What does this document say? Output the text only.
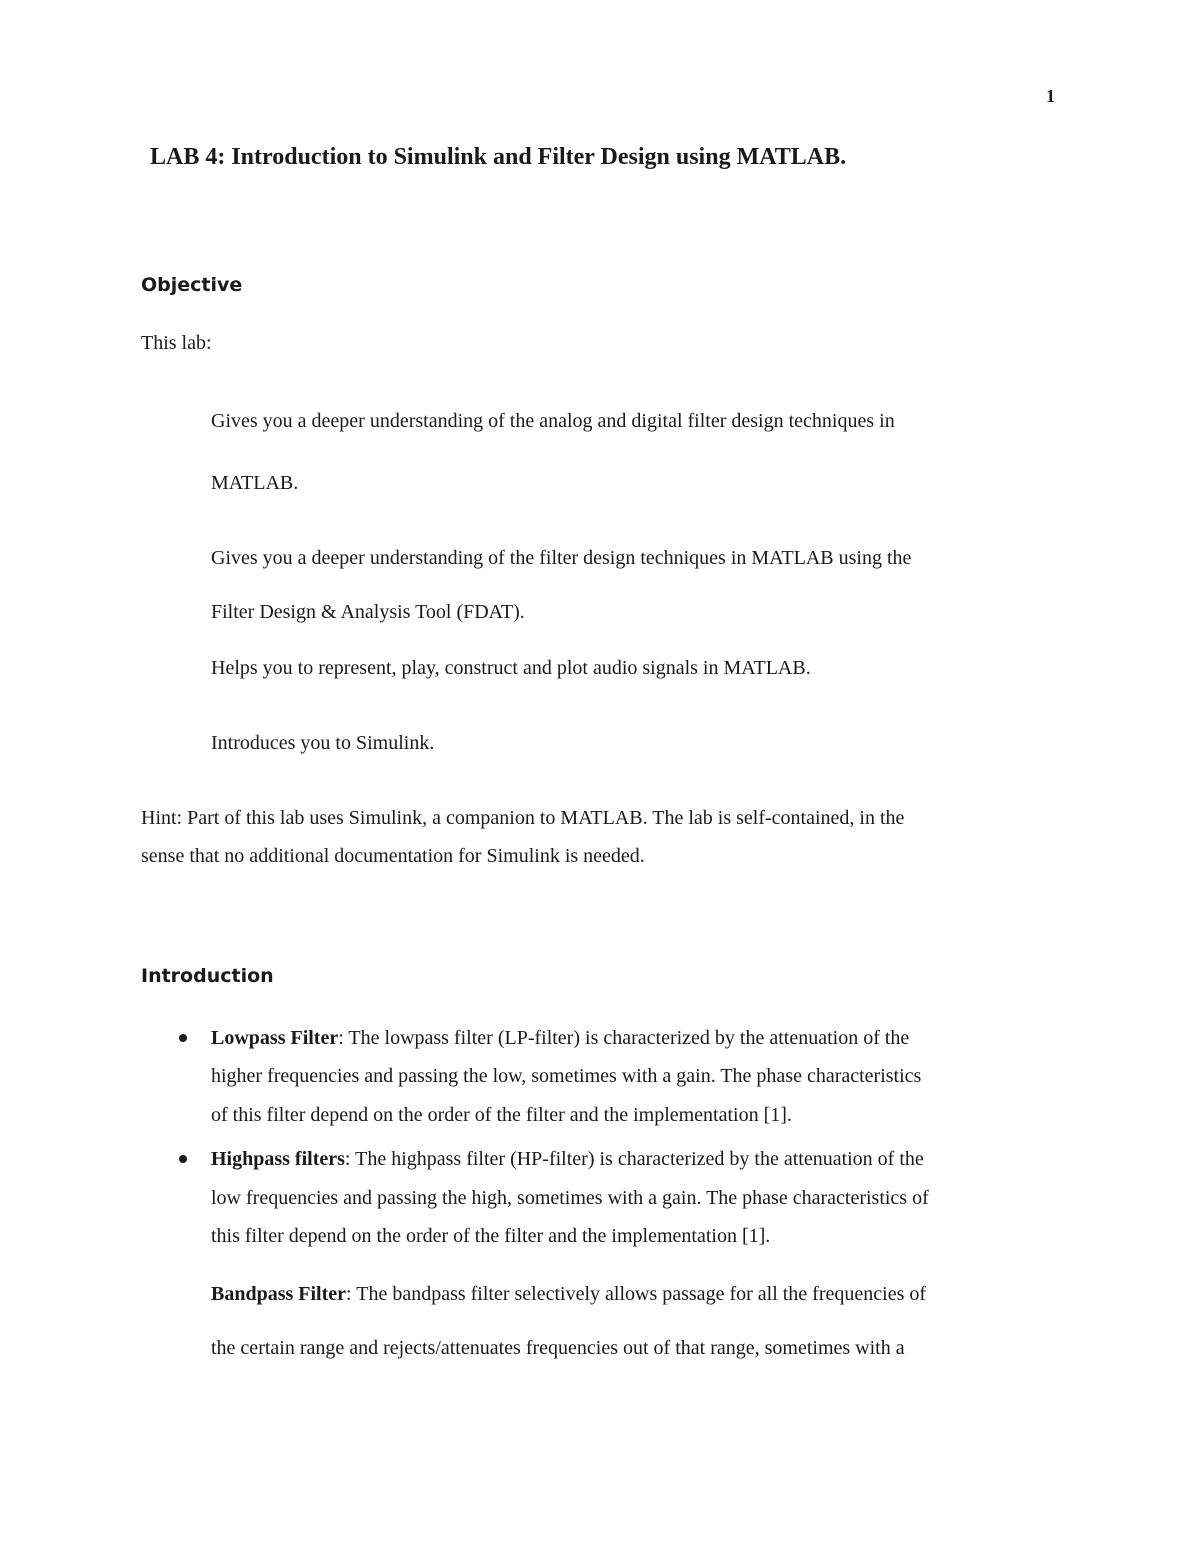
1
LAB 4: Introduction to Simulink and Filter Design using MATLAB.
Objective
This lab:
Gives you a deeper understanding of the analog and digital filter design techniques in
MATLAB.
Gives you a deeper understanding of the filter design techniques in MATLAB using the
Filter Design & Analysis Tool (FDAT).
Helps you to represent, play, construct and plot audio signals in MATLAB.
Introduces you to Simulink.
Hint: Part of this lab uses Simulink, a companion to MATLAB. The lab is self-contained, in the
sense that no additional documentation for Simulink is needed.
Introduction
Lowpass Filter: The lowpass filter (LP-filter) is characterized by the attenuation of the
higher frequencies and passing the low, sometimes with a gain. The phase characteristics
of this filter depend on the order of the filter and the implementation [1].
Highpass filters: The highpass filter (HP-filter) is characterized by the attenuation of the
low frequencies and passing the high, sometimes with a gain. The phase characteristics of
this filter depend on the order of the filter and the implementation [1].
Bandpass Filter: The bandpass filter selectively allows passage for all the frequencies of
the certain range and rejects/attenuates frequencies out of that range, sometimes with a
